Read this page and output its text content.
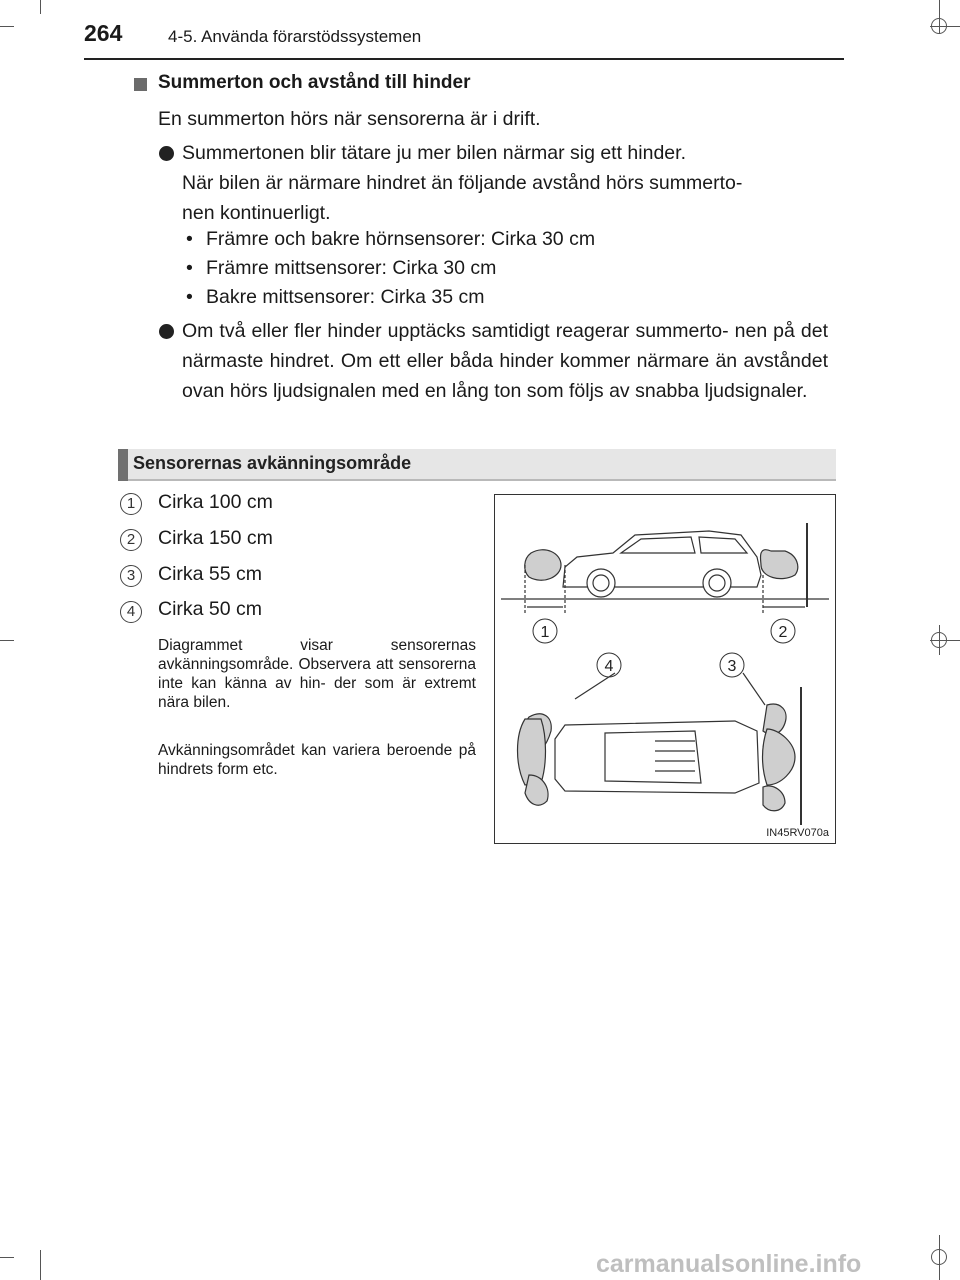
264	4-5. Använda förarstödssystemen
Summerton och avstånd till hinder
En summerton hörs när sensorerna är i drift.
Summertonen blir tätare ju mer bilen närmar sig ett hinder.
När bilen är närmare hindret än följande avstånd hörs summerto-
nen kontinuerligt.
• Främre och bakre hörnsensorer: Cirka 30 cm
• Främre mittsensorer: Cirka 30 cm
• Bakre mittsensorer: Cirka 35 cm
Om två eller fler hinder upptäcks samtidigt reagerar summerto- nen på det närmaste hindret. Om ett eller båda hinder kommer närmare än avståndet ovan hörs ljudsignalen med en lång ton som följs av snabba ljudsignaler.
Sensorernas avkänningsområde
1	Cirka 100 cm
2	Cirka 150 cm
3	Cirka 55 cm
4	Cirka 50 cm
Diagrammet visar sensorernas avkänningsområde. Observera att sensorerna inte kan känna av hin- der som är extremt nära bilen.
Avkänningsområdet kan variera beroende på hindrets form etc.
1	2
4	3
IN45RV070a
carmanualsonline.info
